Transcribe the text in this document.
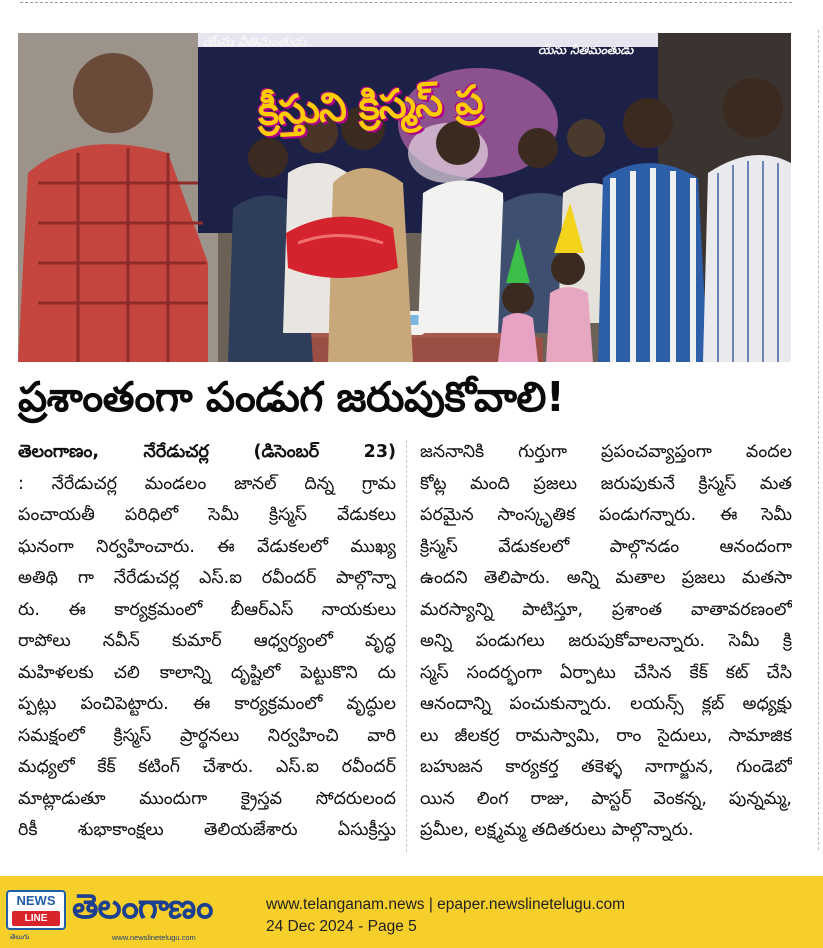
యేసు నీతిమంతుడు	యేసు నీతిమంతుడు
క్రీస్తుని క్రిస్మస్ ప్ర
ప్రశాంతంగా పండుగ జరుపుకోవాలి!
తెలంగాణం, నేరేడుచర్ల (డిసెంబర్ 23)
: నేరేడుచర్ల మండలం జానల్ దిన్న గ్రామ
పంచాయతీ పరిధిలో సెమీ క్రిస్మస్ వేడుకలు
ఘనంగా నిర్వహించారు. ఈ వేడుకలలో ముఖ్య
అతిథి గా నేరేడుచర్ల ఎస్.ఐ రవీందర్ పాల్గొన్నా
రు. ఈ కార్యక్రమంలో బీఆర్ఎస్ నాయకులు
రాపోలు నవీన్ కుమార్ ఆధ్వర్యంలో వృద్ధ
మహిళలకు చలి కాలాన్ని దృష్టిలో పెట్టుకొని దు
ప్పట్లు పంచిపెట్టారు. ఈ కార్యక్రమంలో వృద్ధుల
సమక్షంలో క్రిస్మస్ ప్రార్థనలు నిర్వహించి వారి
మధ్యలో కేక్ కటింగ్ చేశారు. ఎస్.ఐ రవీందర్
మాట్లాడుతూ ముందుగా క్రైస్తవ సోదరులంద
రికీ శుభాకాంక్షలు తెలియజేశారు ఏసుక్రీస్తు
జననానికి గుర్తుగా ప్రపంచవ్యాప్తంగా వందల
కోట్ల మంది ప్రజలు జరుపుకునే క్రిస్మస్ మత
పరమైన సాంస్కృతిక పండుగన్నారు. ఈ సెమీ
క్రిస్మస్ వేడుకలలో పాల్గొనడం ఆనందంగా
ఉందని తెలిపారు. అన్ని మతాల ప్రజలు మతసా
మరస్యాన్ని పాటిస్తూ, ప్రశాంత వాతావరణంలో
అన్ని పండుగలు జరుపుకోవాలన్నారు. సెమీ క్రి
స్మస్ సందర్భంగా ఏర్పాటు చేసిన కేక్ కట్ చేసి
ఆనందాన్ని పంచుకున్నారు. లయన్స్ క్లబ్ అధ్యక్షు
లు జీలకర్ర రామస్వామి, రాం సైదులు, సామాజిక
బహుజన కార్యకర్త తకెళ్ళ నాగార్జున, గుండెబో
యిన లింగ రాజు, పాస్టర్ వెంకన్న, పున్నమ్మ,
ప్రమీల, లక్ష్మమ్మ తదితరులు పాల్గొన్నారు.
NEWS
LINE
తెలుగు
తెలంగాణం
www.newslinetelugu.com
www.telanganam.news | epaper.newslinetelugu.com
24 Dec 2024 - Page 5
